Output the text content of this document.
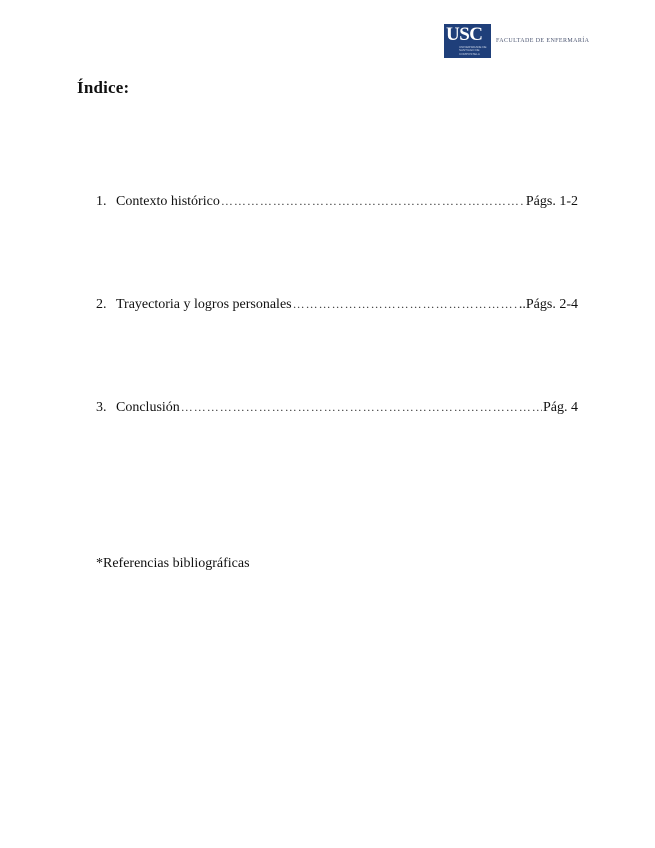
USC
UNIVERSIDADE DE SANTIAGO DE COMPOSTELA
FACULTADE DE ENFERMARÍA
Índice:
1. Contexto histórico …………………………………………………………………………………………………………………………………………………	Págs. 1-2
2. Trayectoria y logros personales …………………………………………………………………………………………………………………………………………………	..Págs. 2-4
3. Conclusión …………………………………………………………………………………………………………………………………………………	Pág. 4
*Referencias bibliográficas
